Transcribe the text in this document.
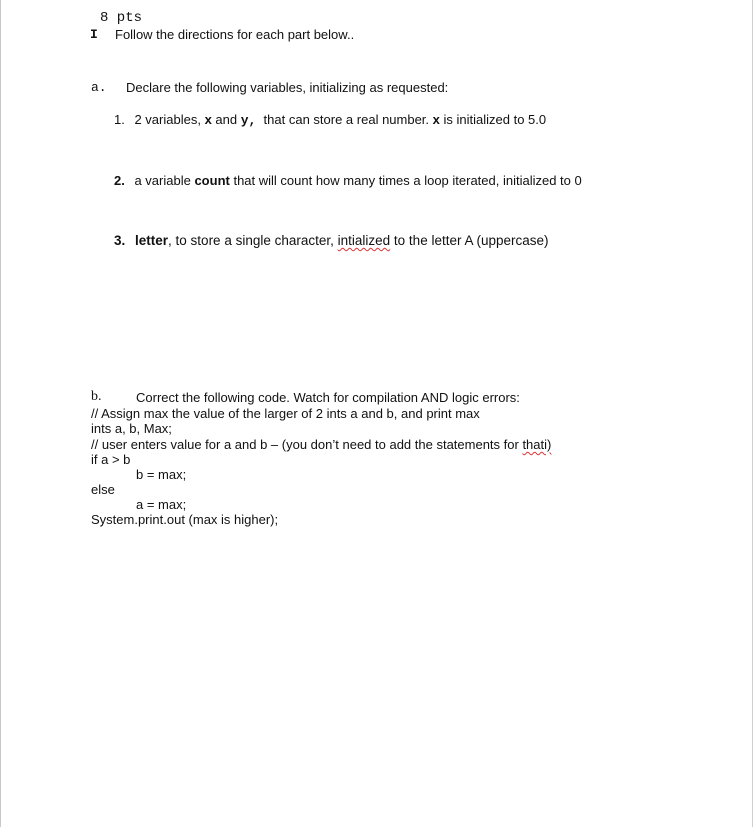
8 pts
I Follow the directions for each part below..
a. Declare the following variables, initializing as requested:
1. 2 variables, x and y,  that can store a real number. x is initialized to 5.0
2. a variable count that will count how many times a loop iterated, initialized to 0
3. letter, to store a single character, intialized to the letter A (uppercase)
b.	Correct the following code. Watch for compilation AND logic errors:
// Assign max the value of the larger of 2 ints a and b, and print max
ints a, b, Max;
// user enters value for a and b – (you don’t need to add the statements for thati)
if a > b
b = max;
else
a = max;
System.print.out (max is higher);
